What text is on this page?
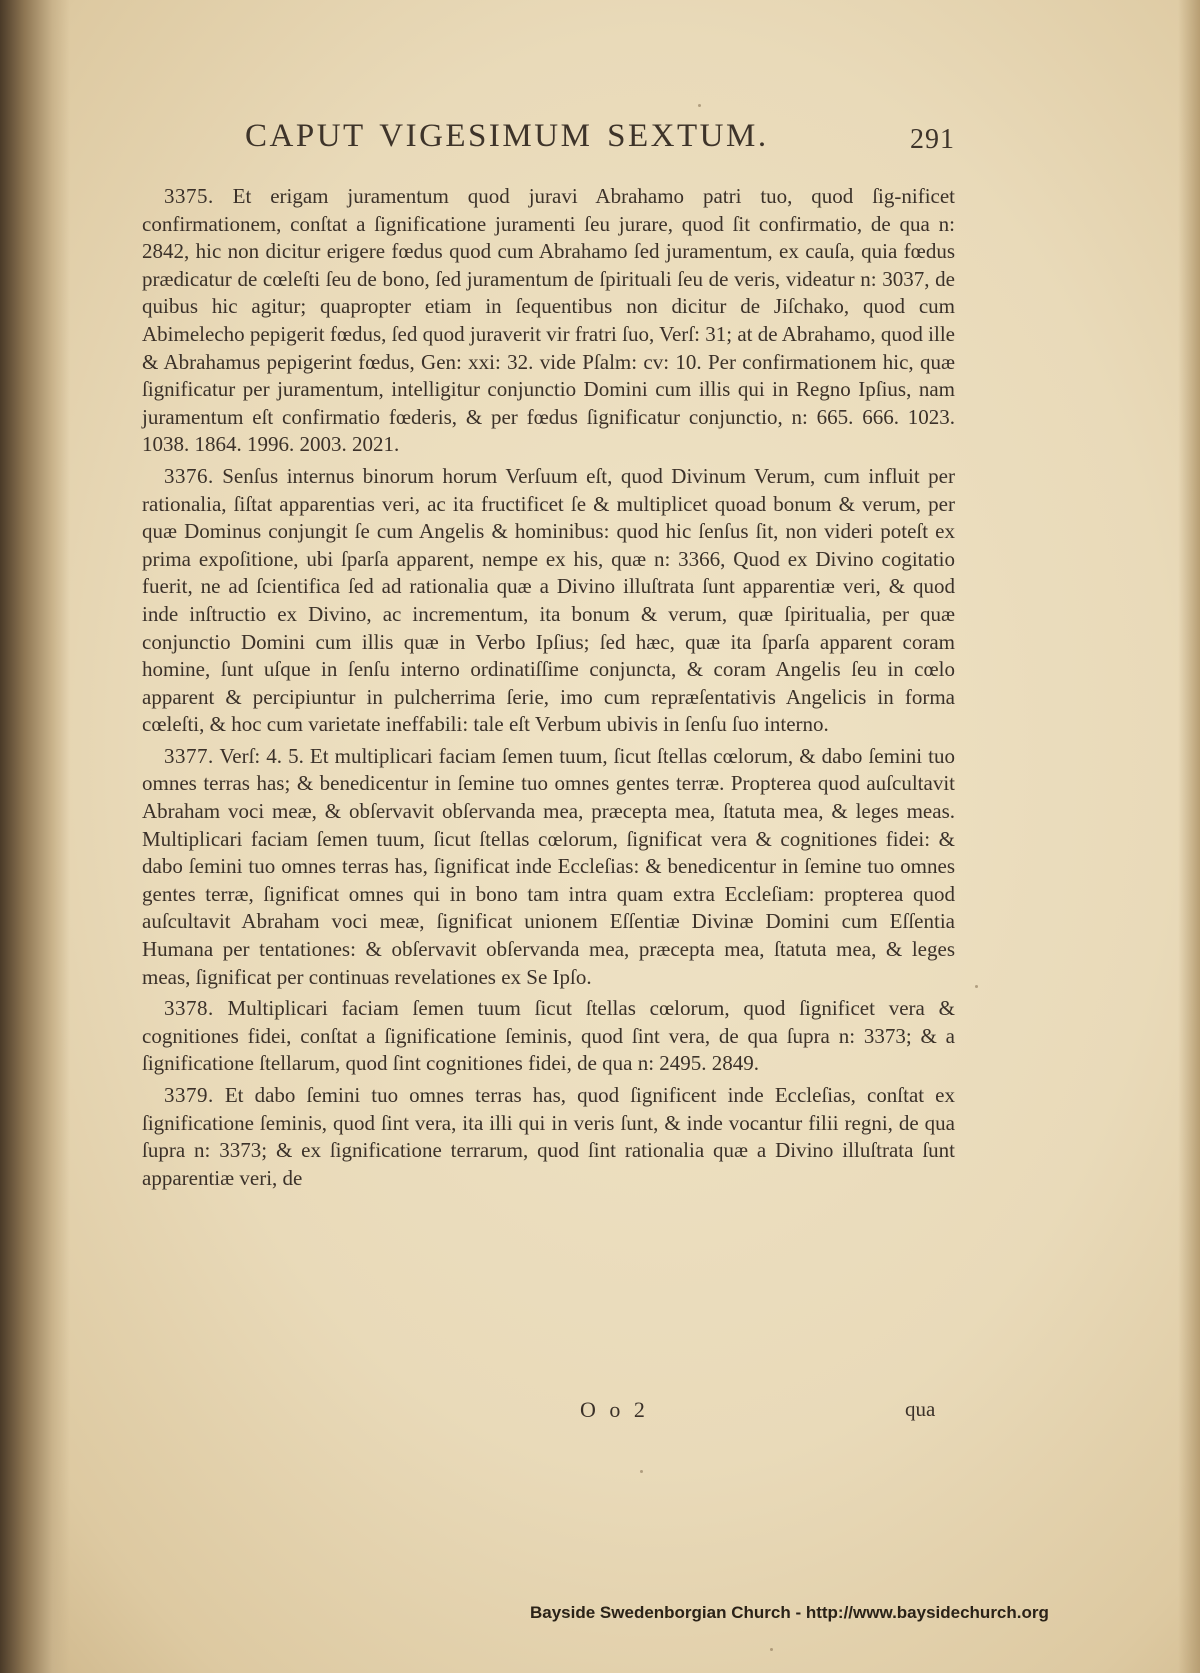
CAPUT VIGESIMUM SEXTUM.	291

3375. Et erigam juramentum quod juravi Abrahamo patri tuo, quod ſig-nificet confirmationem, conſtat a ſignificatione juramenti ſeu jurare, quod ſit confirmatio, de qua n: 2842, hic non dicitur erigere fœdus quod cum Abrahamo ſed juramentum, ex cauſa, quia fœdus prædicatur de cœleſti ſeu de bono, ſed juramentum de ſpirituali ſeu de veris, videatur n: 3037, de quibus hic agitur; quapropter etiam in ſequentibus non dicitur de Jiſchako, quod cum Abimelecho pepigerit fœdus, ſed quod juraverit vir fratri ſuo, Verſ: 31; at de Abrahamo, quod ille & Abrahamus pepigerint fœdus, Gen: xxi: 32. vide Pſalm: cv: 10. Per confirmationem hic, quæ ſignificatur per juramentum, intelligitur conjunctio Domini cum illis qui in Regno Ipſius, nam juramentum eſt confirmatio fœderis, & per fœdus ſignificatur conjunctio, n: 665. 666. 1023. 1038. 1864. 1996. 2003. 2021.

3376. Senſus internus binorum horum Verſuum eſt, quod Divinum Verum, cum influit per rationalia, ſiſtat apparentias veri, ac ita fructificet ſe & multiplicet quoad bonum & verum, per quæ Dominus conjungit ſe cum Angelis & hominibus: quod hic ſenſus ſit, non videri poteſt ex prima expoſitione, ubi ſparſa apparent, nempe ex his, quæ n: 3366, Quod ex Divino cogitatio fuerit, ne ad ſcientifica ſed ad rationalia quæ a Divino illuſtrata ſunt apparentiæ veri, & quod inde inſtructio ex Divino, ac incrementum, ita bonum & verum, quæ ſpiritualia, per quæ conjunctio Domini cum illis quæ in Verbo Ipſius; ſed hæc, quæ ita ſparſa apparent coram homine, ſunt uſque in ſenſu interno ordinatiſſime conjuncta, & coram Angelis ſeu in cœlo apparent & percipiuntur in pulcherrima ſerie, imo cum repræſentativis Angelicis in forma cœleſti, & hoc cum varietate ineffabili: tale eſt Verbum ubivis in ſenſu ſuo interno.

3377. Verſ: 4. 5. Et multiplicari faciam ſemen tuum, ſicut ſtellas cœlorum, & dabo ſemini tuo omnes terras has; & benedicentur in ſemine tuo omnes gentes terræ. Propterea quod auſcultavit Abraham voci meæ, & obſervavit obſervanda mea, præcepta mea, ſtatuta mea, & leges meas. Multiplicari faciam ſemen tuum, ſicut ſtellas cœlorum, ſignificat vera & cognitiones fidei: & dabo ſemini tuo omnes terras has, ſignificat inde Eccleſias: & benedicentur in ſemine tuo omnes gentes terræ, ſignificat omnes qui in bono tam intra quam extra Eccleſiam: propterea quod auſcultavit Abraham voci meæ, ſignificat unionem Eſſentiæ Divinæ Domini cum Eſſentia Humana per tentationes: & obſervavit obſervanda mea, præcepta mea, ſtatuta mea, & leges meas, ſignificat per continuas revelationes ex Se Ipſo.

3378. Multiplicari faciam ſemen tuum ſicut ſtellas cœlorum, quod ſignificet vera & cognitiones fidei, conſtat a ſignificatione ſeminis, quod ſint vera, de qua ſupra n: 3373; & a ſignificatione ſtellarum, quod ſint cognitiones fidei, de qua n: 2495. 2849.

3379. Et dabo ſemini tuo omnes terras has, quod ſignificent inde Eccleſias, conſtat ex ſignificatione ſeminis, quod ſint vera, ita illi qui in veris ſunt, & inde vocantur filii regni, de qua ſupra n: 3373; & ex ſignificatione terrarum, quod ſint rationalia quæ a Divino illuſtrata ſunt apparentiæ veri, de

O o 2	qua
Bayside Swedenborgian Church - http://www.baysidechurch.org
